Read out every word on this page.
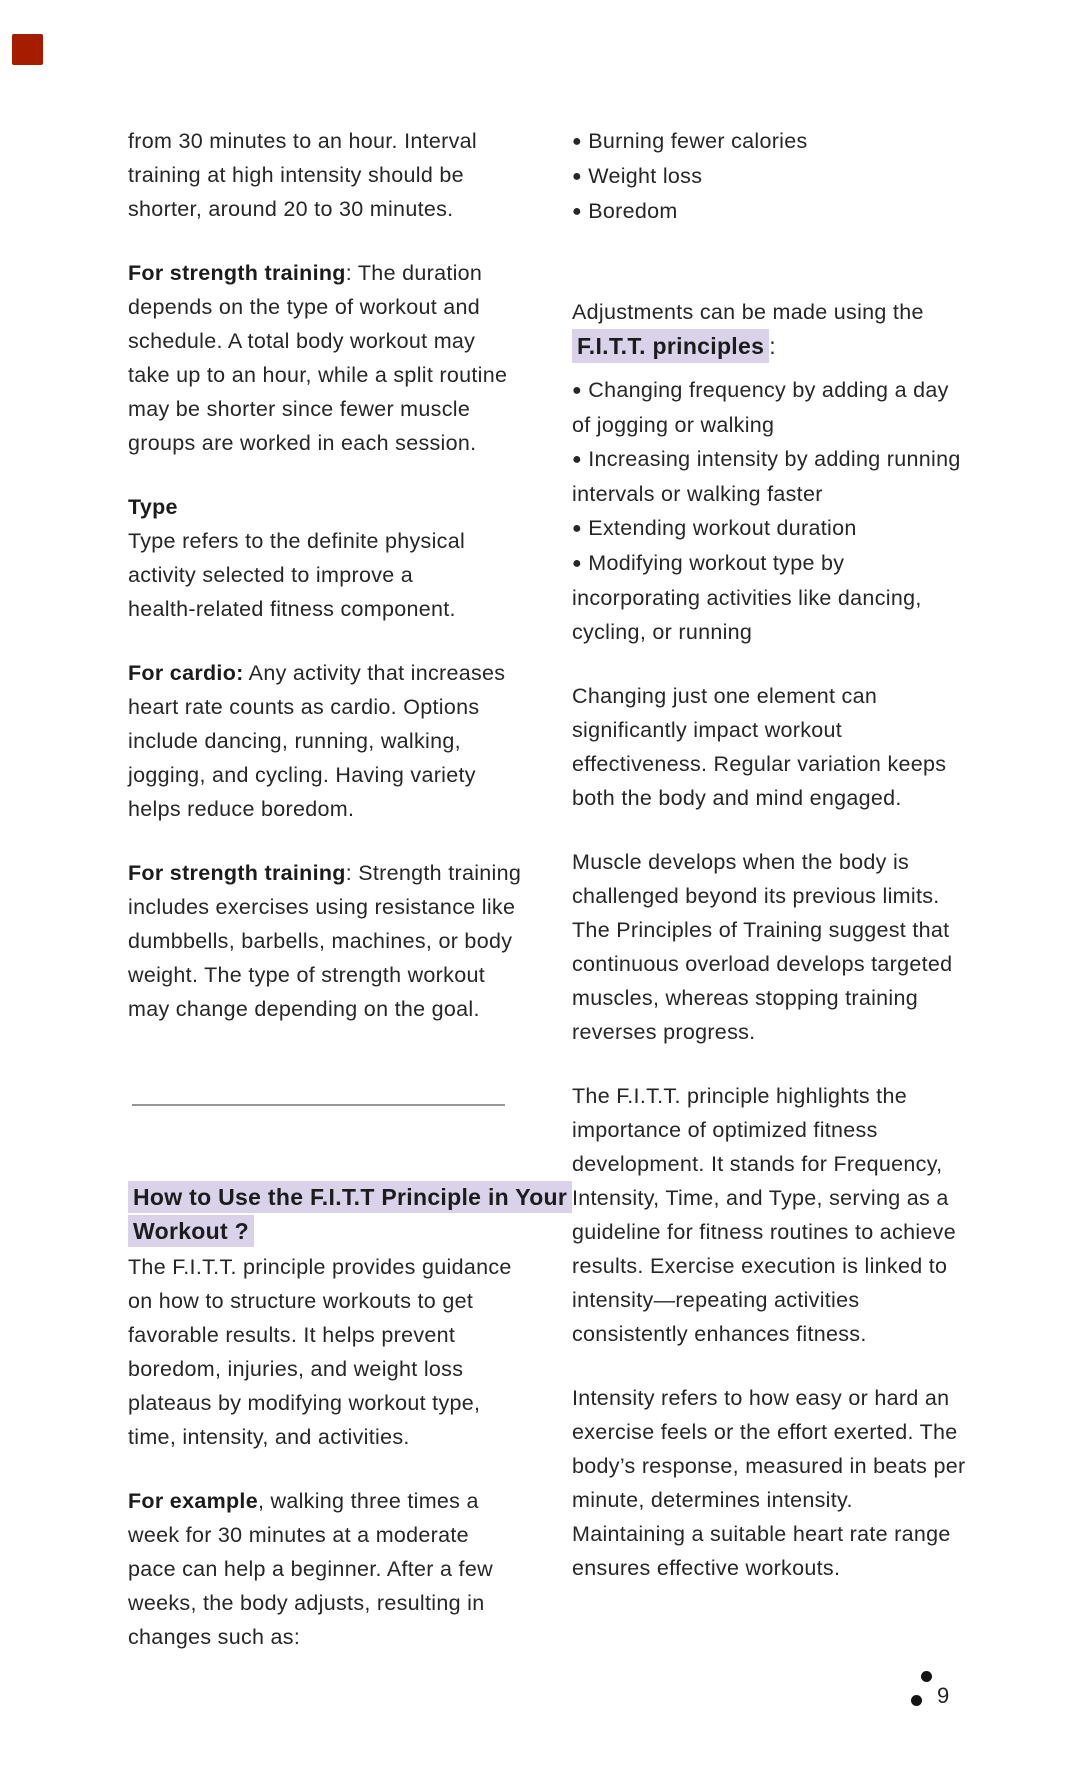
from 30 minutes to an hour. Interval
training at high intensity should be
shorter, around 20 to 30 minutes.
For strength training: The duration
depends on the type of workout and
schedule. A total body workout may
take up to an hour, while a split routine
may be shorter since fewer muscle
groups are worked in each session.
Type
Type refers to the definite physical
activity selected to improve a
health-related fitness component.
For cardio: Any activity that increases
heart rate counts as cardio. Options
include dancing, running, walking,
jogging, and cycling. Having variety
helps reduce boredom.
For strength training: Strength training
includes exercises using resistance like
dumbbells, barbells, machines, or body
weight. The type of strength workout
may change depending on the goal.
How to Use the F.I.T.T Principle in Your
Workout ?
The F.I.T.T. principle provides guidance
on how to structure workouts to get
favorable results. It helps prevent
boredom, injuries, and weight loss
plateaus by modifying workout type,
time, intensity, and activities.
For example, walking three times a
week for 30 minutes at a moderate
pace can help a beginner. After a few
weeks, the body adjusts, resulting in
changes such as:
● Burning fewer calories
● Weight loss
● Boredom
Adjustments can be made using the
F.I.T.T. principles :
● Changing frequency by adding a day
of jogging or walking
● Increasing intensity by adding running
intervals or walking faster
● Extending workout duration
● Modifying workout type by
incorporating activities like dancing,
cycling, or running
Changing just one element can
significantly impact workout
effectiveness. Regular variation keeps
both the body and mind engaged.
Muscle develops when the body is
challenged beyond its previous limits.
The Principles of Training suggest that
continuous overload develops targeted
muscles, whereas stopping training
reverses progress.
The F.I.T.T. principle highlights the
importance of optimized fitness
development. It stands for Frequency,
Intensity, Time, and Type, serving as a
guideline for fitness routines to achieve
results. Exercise execution is linked to
intensity—repeating activities
consistently enhances fitness.
Intensity refers to how easy or hard an
exercise feels or the effort exerted. The
body’s response, measured in beats per
minute, determines intensity.
Maintaining a suitable heart rate range
ensures effective workouts.
9
